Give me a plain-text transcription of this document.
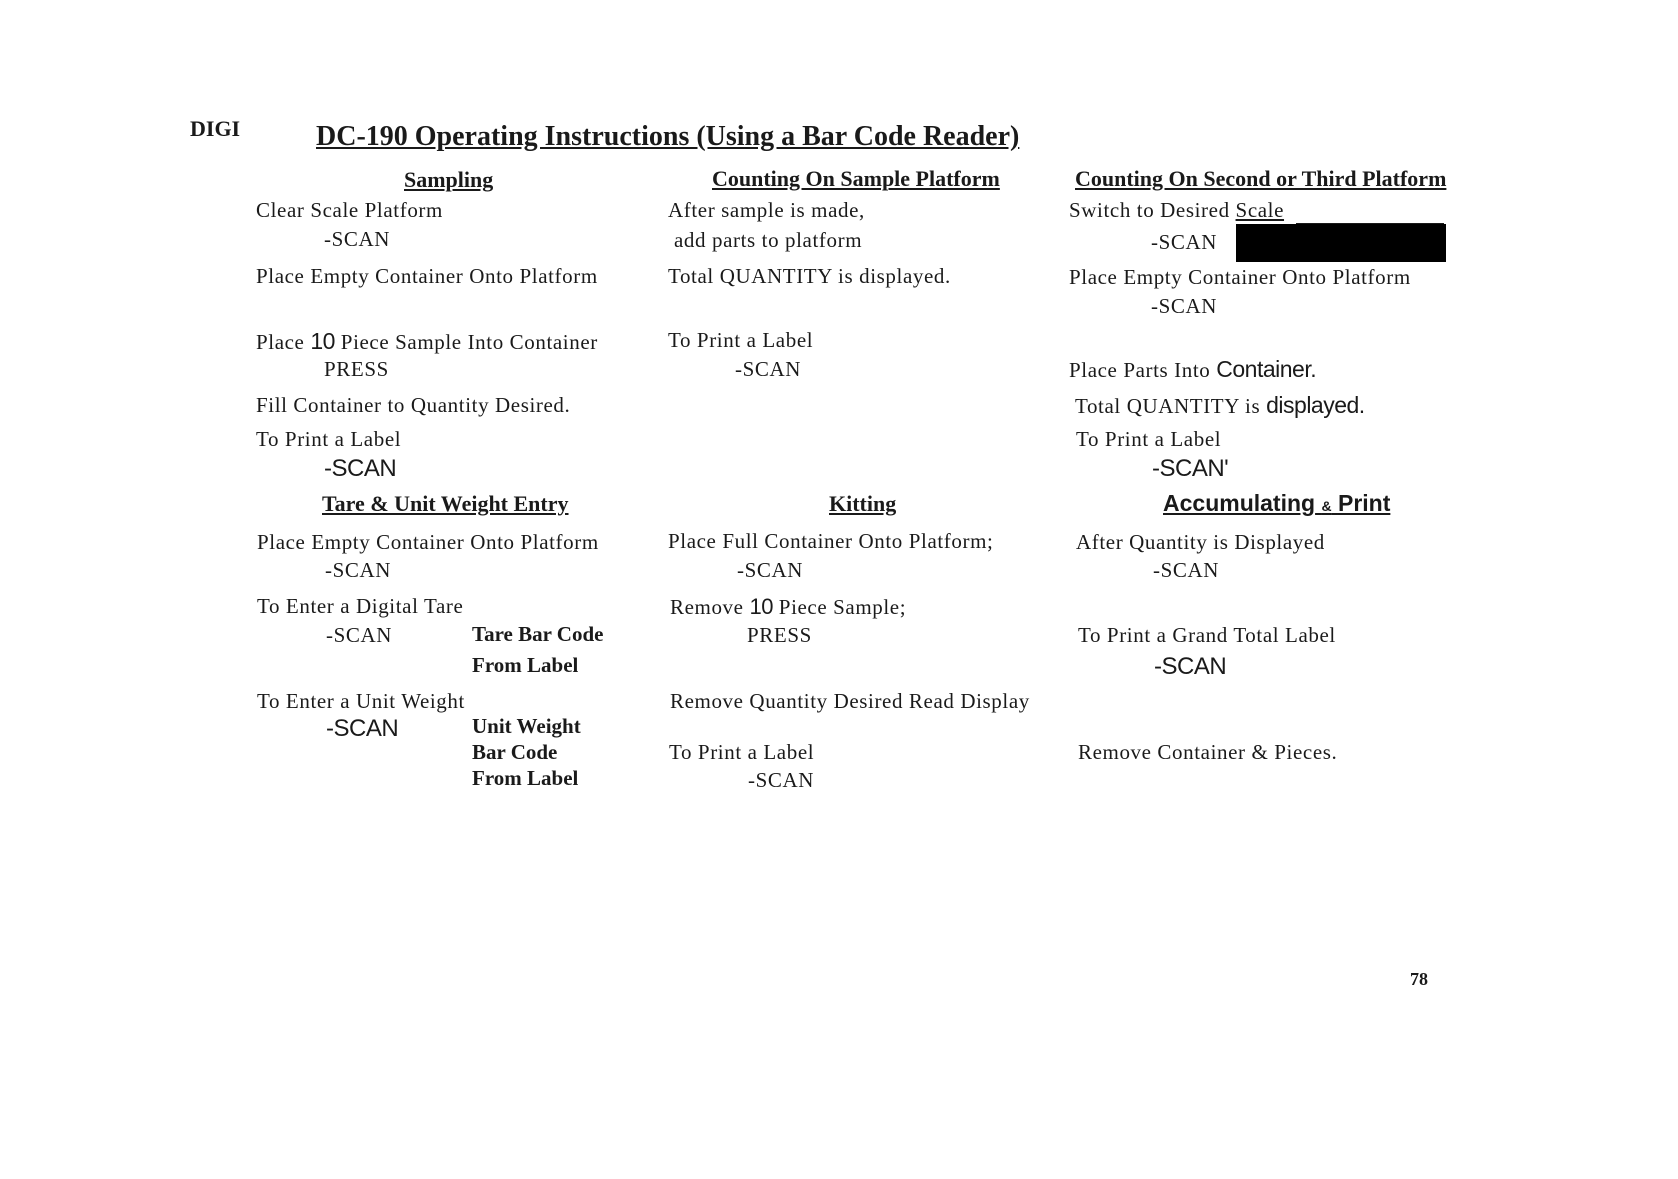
DIGI	DC-190 Operating Instructions (Using a Bar Code Reader)
Sampling
Clear Scale Platform
-SCAN
Place Empty Container Onto Platform
Place 10 Piece Sample Into Container
PRESS
Fill Container to Quantity Desired.
To Print a Label
-SCAN
Counting On Sample Platform
After sample is made,
add parts to platform
Total QUANTITY is displayed.
To Print a Label
-SCAN
Counting On Second or Third Platform
Switch to Desired Scale
-SCAN
Place Empty Container Onto Platform
-SCAN
Place Parts Into Container.
Total QUANTITY is displayed.
To Print a Label
-SCAN'
Tare & Unit Weight Entry
Place Empty Container Onto Platform
-SCAN
To Enter a Digital Tare
-SCAN	Tare Bar Code
From Label
To Enter a Unit Weight
-SCAN	Unit Weight
Bar Code
From Label
Kitting
Place Full Container Onto Platform;
-SCAN
Remove 10 Piece Sample;
PRESS
Remove Quantity Desired Read Display
To Print a Label
-SCAN
Accumulating & Print
After Quantity is Displayed
-SCAN
To Print a Grand Total Label
-SCAN
Remove Container & Pieces.
78
